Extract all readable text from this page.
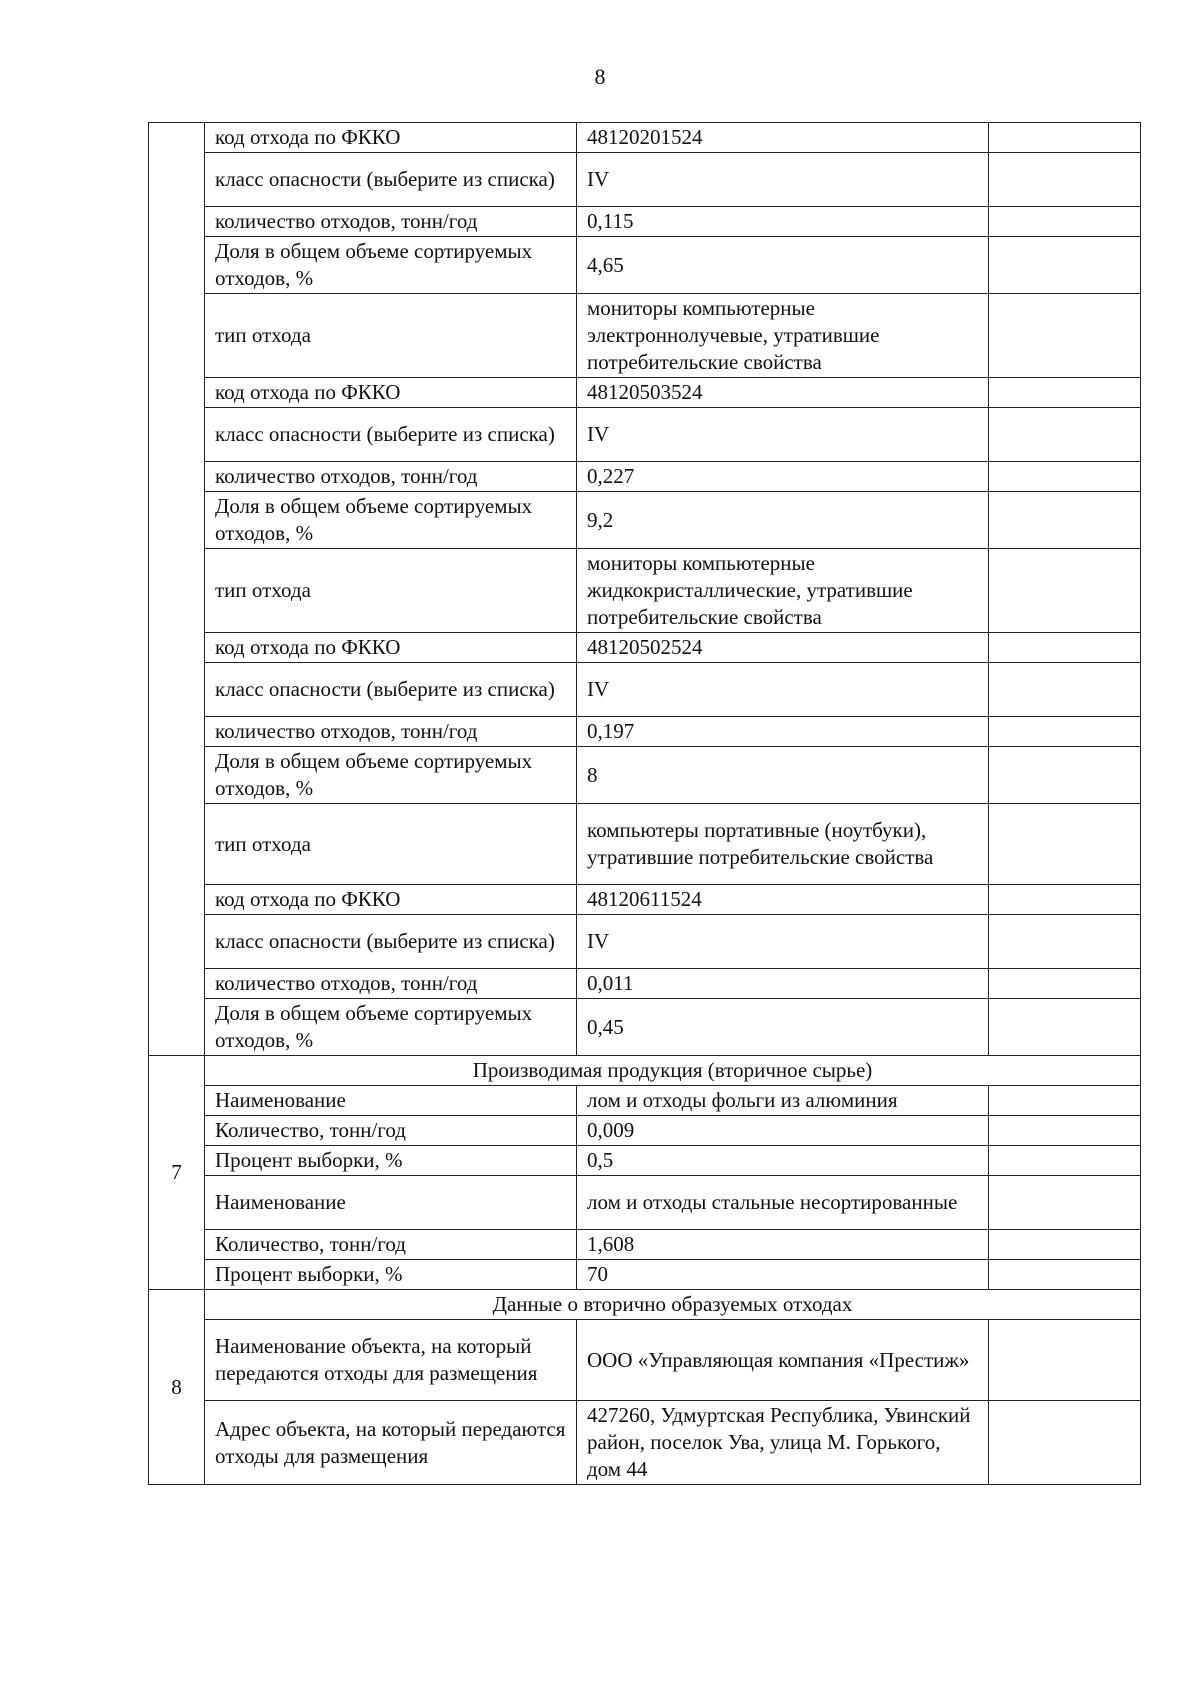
8
	код отхода по ФККО	48120201524	
	класс опасности (выберите из списка)	IV	
	количество отходов, тонн/год	0,115	
	Доля в общем объеме сортируемых отходов, %	4,65	
	тип отхода	мониторы компьютерные электроннолучевые, утратившие потребительские свойства	
	код отхода по ФККО	48120503524	
	класс опасности (выберите из списка)	IV	
	количество отходов, тонн/год	0,227	
	Доля в общем объеме сортируемых отходов, %	9,2	
	тип отхода	мониторы компьютерные жидкокристаллические, утратившие потребительские свойства	
	код отхода по ФККО	48120502524	
	класс опасности (выберите из списка)	IV	
	количество отходов, тонн/год	0,197	
	Доля в общем объеме сортируемых отходов, %	8	
	тип отхода	компьютеры портативные (ноутбуки), утратившие потребительские свойства	
	код отхода по ФККО	48120611524	
	класс опасности (выберите из списка)	IV	
	количество отходов, тонн/год	0,011	
	Доля в общем объеме сортируемых отходов, %	0,45	
7	Производимая продукция (вторичное сырье)		
	Наименование	лом и отходы фольги из алюминия	
	Количество, тонн/год	0,009	
	Процент выборки, %	0,5	
	Наименование	лом и отходы стальные несортированные	
	Количество, тонн/год	1,608	
	Процент выборки, %	70	
8	Данные о вторично образуемых отходах		
	Наименование объекта, на который передаются отходы для размещения	ООО «Управляющая компания «Престиж»	
	Адрес объекта, на который передаются отходы для размещения	427260, Удмуртская Республика, Увинский район, поселок Ува, улица М. Горького, дом 44	
